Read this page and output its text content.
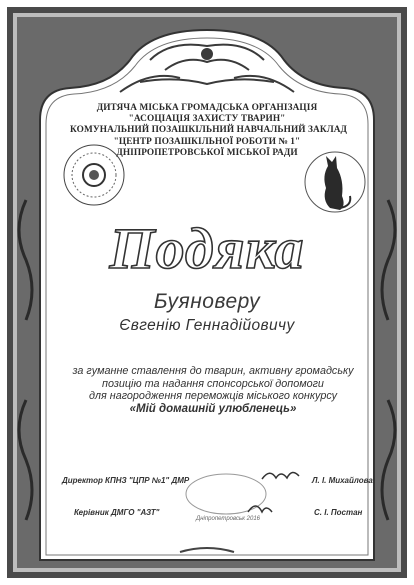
ДИТЯЧА МІСЬКА ГРОМАДСЬКА ОРГАНІЗАЦІЯ
"АСОЦІАЦІЯ ЗАХИСТУ ТВАРИН"
КОМУНАЛЬНИЙ ПОЗАШКІЛЬНИЙ НАВЧАЛЬНИЙ ЗАКЛАД
"ЦЕНТР ПОЗАШКІЛЬНОЇ РОБОТИ № 1"
ДНІПРОПЕТРОВСЬКОЇ МІСЬКОЇ РАДИ
Подяка
Буяноверу
Євгенію Геннадійовичу
за гуманне ставлення до тварин, активну громадську
позицію та надання спонсорської допомоги
для нагородження переможців міського конкурсу
«Мій домашній улюбленець»
Директор КПНЗ "ЦПР №1" ДМР	Л. І. Михайлова
Керівник ДМГО "АЗТ"	С. І. Постан
Дніпропетровськ 2016
